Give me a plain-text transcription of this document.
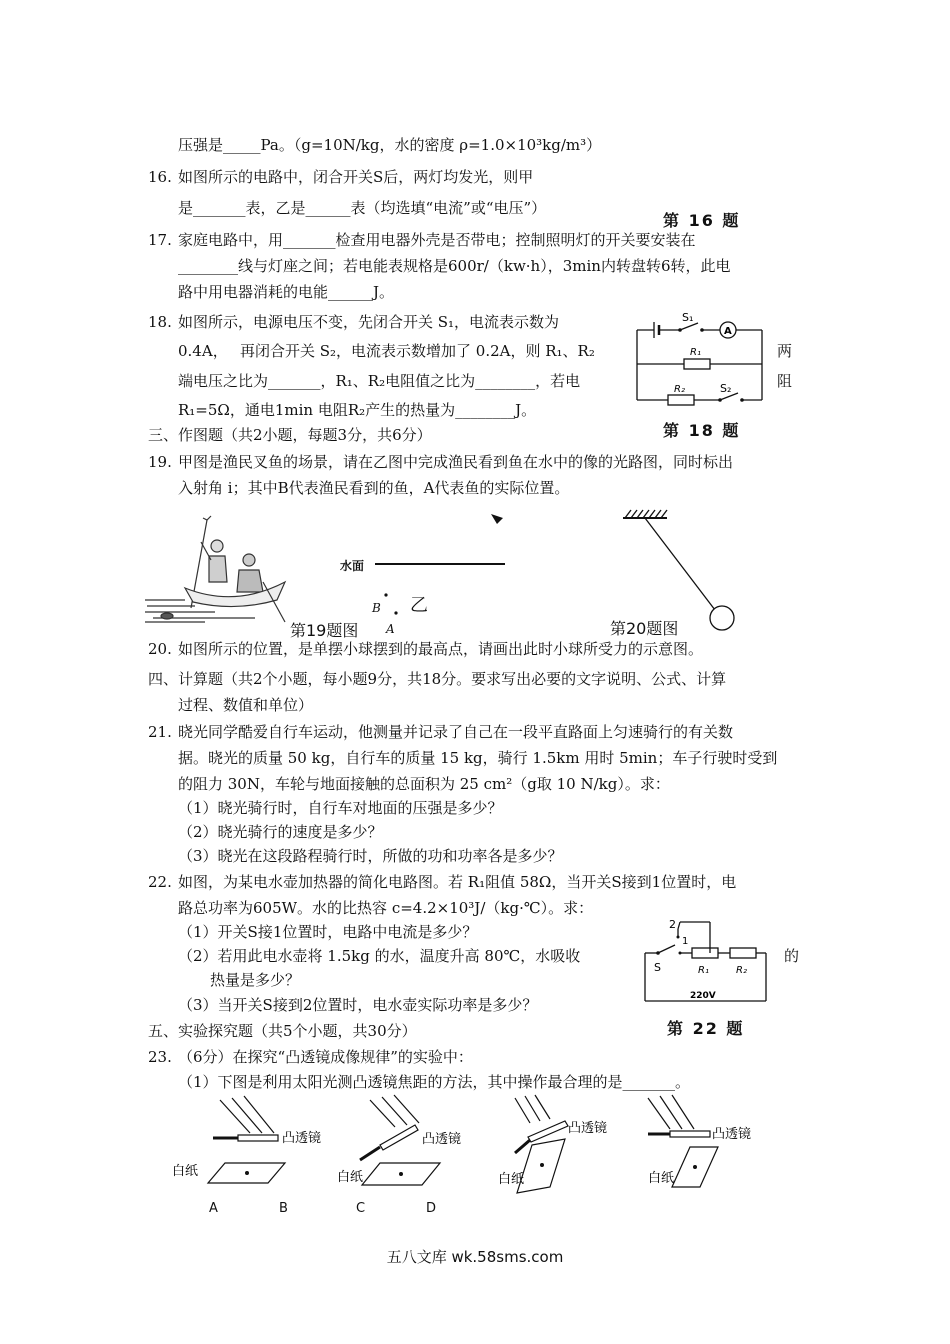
压强是_____Pa。（g=10N/kg，水的密度 ρ=1.0×10³kg/m³）
16. 如图所示的电路中，闭合开关S后，两灯均发光，则甲
是_______表，乙是______表（均选填“电流”或“电压”）
第 16 题
17. 家庭电路中，用_______检查用电器外壳是否带电；控制照明灯的开关要安装在
________线与灯座之间；若电能表规格是600r/（kw·h），3min内转盘转6转，此电
路中用电器消耗的电能______J。
18. 如图所示，电源电压不变，先闭合开关 S₁，电流表示数为
0.4A，　 再闭合开关 S₂，电流表示数增加了 0.2A，则 R₁、R₂
端电压之比为_______，R₁、R₂电阻值之比为________，若电
R₁=5Ω，通电1min 电阻R₂产生的热量为________J。
两
阻
第 18 题
S₁
A
R₁
R₂	S₂
三、作图题（共2小题，每题3分，共6分）
19. 甲图是渔民叉鱼的场景，请在乙图中完成渔民看到鱼在水中的像的光路图，同时标出
入射角 i；其中B代表渔民看到的鱼，A代表鱼的实际位置。
水面
B
A
乙
第19题图	第20题图
20. 如图所示的位置，是单摆小球摆到的最高点，请画出此时小球所受力的示意图。
四、计算题（共2个小题，每小题9分，共18分。要求写出必要的文字说明、公式、计算
过程、数值和单位）
21. 晓光同学酷爱自行车运动，他测量并记录了自己在一段平直路面上匀速骑行的有关数
据。晓光的质量 50 kg，自行车的质量 15 kg，骑行 1.5km 用时 5min；车子行驶时受到
的阻力 30N，车轮与地面接触的总面积为 25 cm²（g取 10 N/kg）。求：
（1）晓光骑行时，自行车对地面的压强是多少？
（2）晓光骑行的速度是多少？
（3）晓光在这段路程骑行时，所做的功和功率各是多少？
22. 如图，为某电水壶加热器的简化电路图。若 R₁阻值 58Ω，当开关S接到1位置时，电
路总功率为605W。水的比热容 c=4.2×10³J/（kg·℃）。求：
（1）开关S接1位置时，电路中电流是多少？
（2）若用此电水壶将 1.5kg 的水，温度升高 80℃，水吸收
热量是多少？
的
（3）当开关S接到2位置时，电水壶实际功率是多少？
2
1
S	R₁	R₂
220V
第 22 题
五、实验探究题（共5个小题，共30分）
23. （6分）在探究“凸透镜成像规律”的实验中：
（1）下图是利用太阳光测凸透镜焦距的方法，其中操作最合理的是_______。
凸透镜	凸透镜
凸透镜	凸透镜
白纸	白纸	白纸	白纸
A	B	C	D
五八文库 wk.58sms.com
